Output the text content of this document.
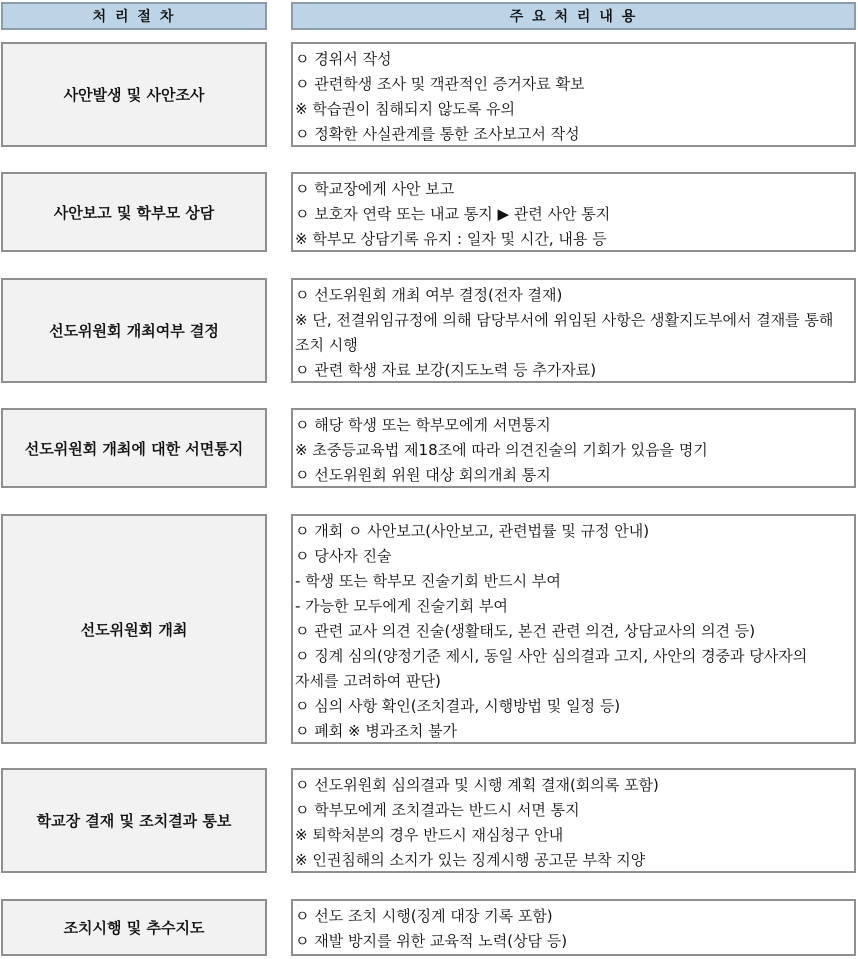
처 리 절 차	주 요 처 리 내 용
사안발생 및 사안조사
ㅇ 경위서 작성
ㅇ 관련학생 조사 및 객관적인 증거자료 확보
※ 학습권이 침해되지 않도록 유의
ㅇ 정확한 사실관계를 통한 조사보고서 작성
사안보고 및 학부모 상담
ㅇ 학교장에게 사안 보고
ㅇ 보호자 연락 또는 내교 통지 ▶ 관련 사안 통지
※ 학부모 상담기록 유지 : 일자 및 시간, 내용 등
선도위원회 개최여부 결정
ㅇ 선도위원회 개최 여부 결정(전자 결재)
※ 단, 전결위임규정에 의해 담당부서에 위임된 사항은 생활지도부에서 결재를 통해 조치 시행
ㅇ 관련 학생 자료 보강(지도노력 등 추가자료)
선도위원회 개최에 대한 서면통지
ㅇ 해당 학생 또는 학부모에게 서면통지
※ 초중등교육법 제18조에 따라 의견진술의 기회가 있음을 명기
ㅇ 선도위원회 위원 대상 회의개최 통지
선도위원회 개최
ㅇ 개회 ㅇ 사안보고(사안보고, 관련법률 및 규정 안내)
ㅇ 당사자 진술
- 학생 또는 학부모 진술기회 반드시 부여
- 가능한 모두에게 진술기회 부여
ㅇ 관련 교사 의견 진술(생활태도, 본건 관련 의견, 상담교사의 의견 등)
ㅇ 징계 심의(양정기준 제시, 동일 사안 심의결과 고지, 사안의 경중과 당사자의 자세를 고려하여 판단)
ㅇ 심의 사항 확인(조치결과, 시행방법 및 일정 등)
ㅇ 폐회 ※ 병과조치 불가
학교장 결재 및 조치결과 통보
ㅇ 선도위원회 심의결과 및 시행 계획 결재(회의록 포함)
ㅇ 학부모에게 조치결과는 반드시 서면 통지
※ 퇴학처분의 경우 반드시 재심청구 안내
※ 인권침해의 소지가 있는 징계시행 공고문 부착 지양
조치시행 및 추수지도
ㅇ 선도 조치 시행(징계 대장 기록 포함)
ㅇ 재발 방지를 위한 교육적 노력(상담 등)
